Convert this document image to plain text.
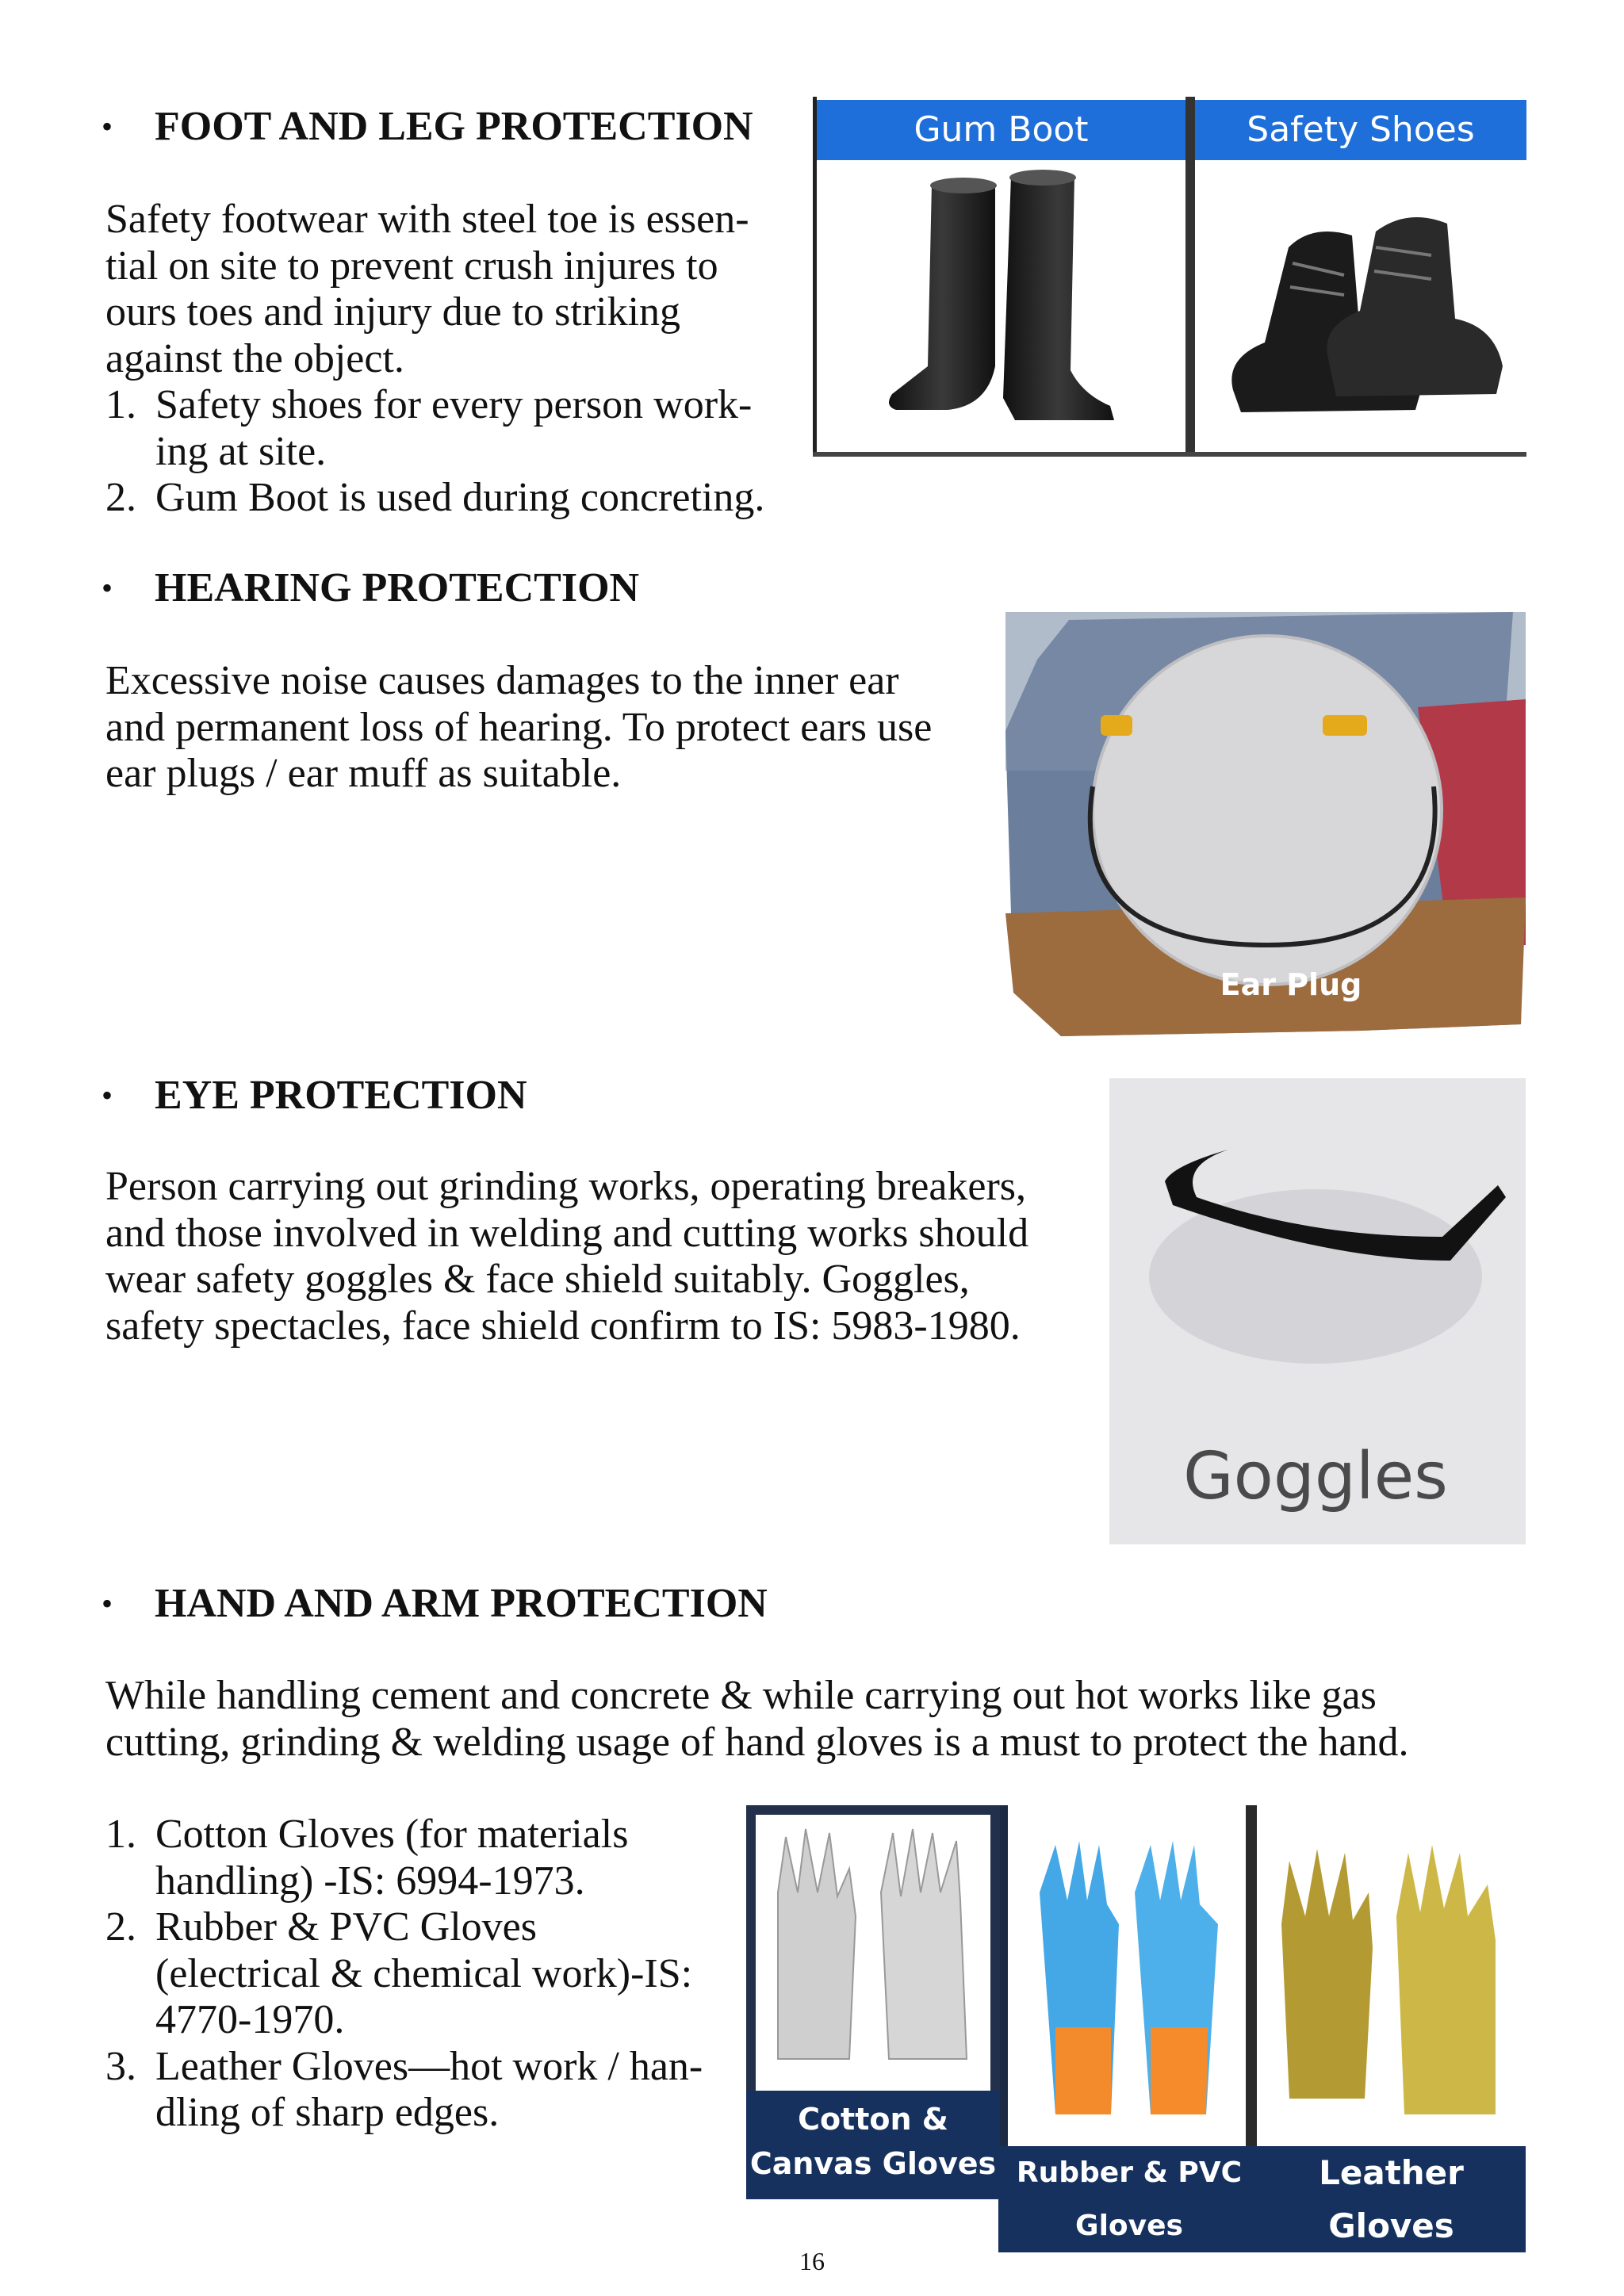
• FOOT AND LEG PROTECTION
Safety footwear with steel toe is essen-
tial on site to prevent crush injures to
ours toes and injury due to striking
against the object.
1. Safety shoes for every person work-
ing at site.
2. Gum Boot is used during concreting.
Gum Boot	Safety Shoes
• HEARING PROTECTION
Excessive noise causes damages to the inner ear
and permanent loss of hearing. To protect ears use
ear plugs / ear muff as suitable.
Ear Plug
• EYE PROTECTION
Person carrying out grinding works, operating breakers,
and those involved in welding and cutting works should
wear safety goggles & face shield suitably. Goggles,
safety spectacles, face shield confirm to IS: 5983-1980.
Goggles
• HAND AND ARM PROTECTION
While handling cement and concrete & while carrying out hot works like gas
cutting, grinding & welding usage of hand gloves is a must to protect the hand.
1. Cotton Gloves (for materials
handling) -IS: 6994-1973.
2. Rubber & PVC Gloves
(electrical & chemical work)-IS:
4770-1970.
3. Leather Gloves—hot work / han-
dling of sharp edges.	Cotton &
Canvas Gloves Rubber & PVC Gloves
Leather Gloves
16
